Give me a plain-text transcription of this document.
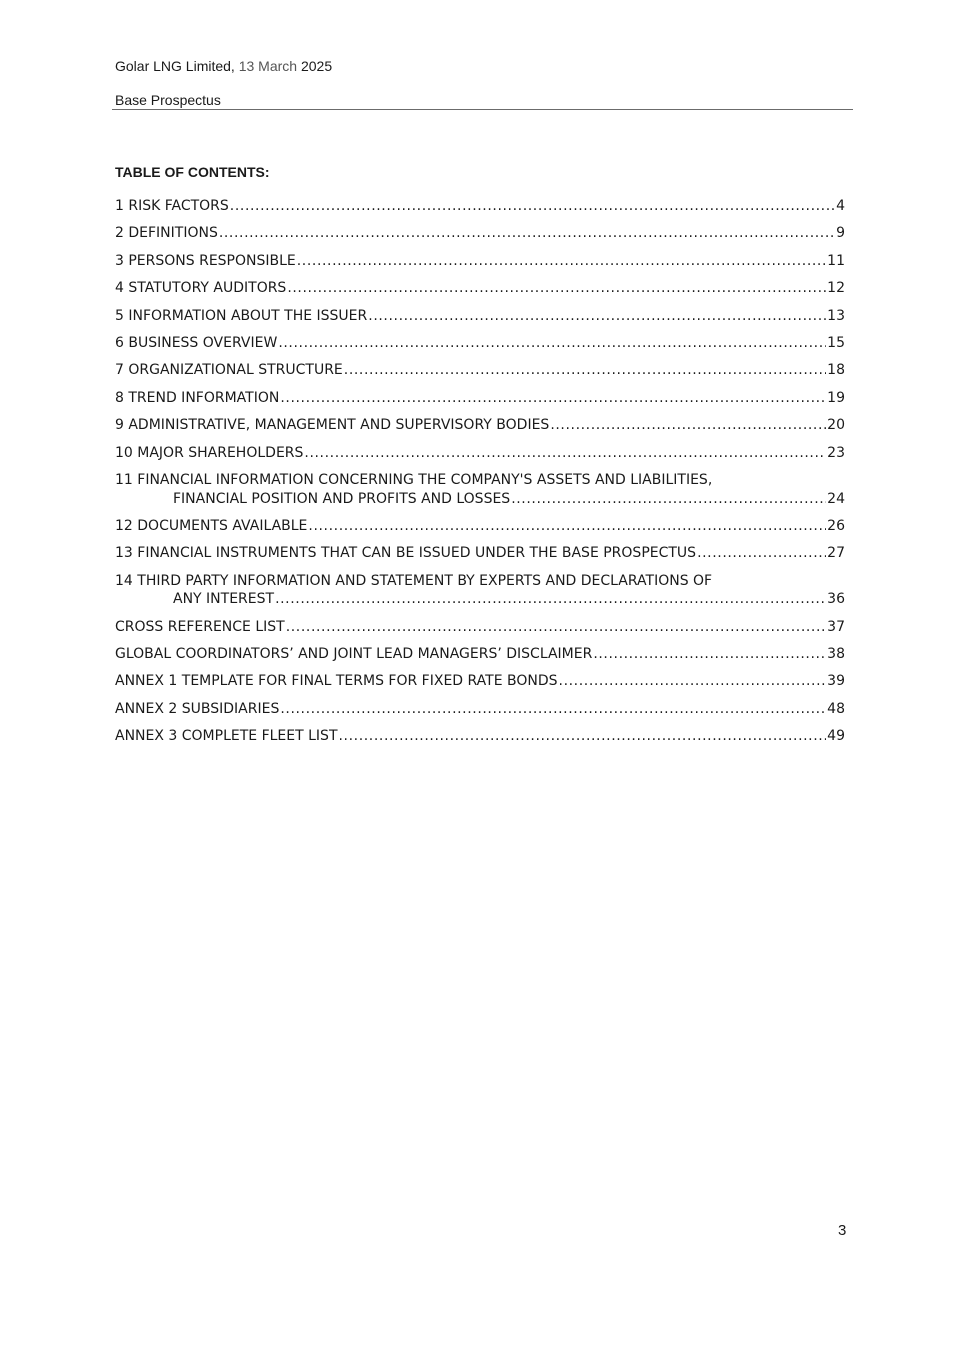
Golar LNG Limited, 13 March 2025
Base Prospectus
TABLE OF CONTENTS:
1 RISK FACTORS .....	4
2 DEFINITIONS .....	9
3 PERSONS RESPONSIBLE .....	11
4 STATUTORY AUDITORS .....	12
5 INFORMATION ABOUT THE ISSUER .....	13
6 BUSINESS OVERVIEW .....	15
7 ORGANIZATIONAL STRUCTURE .....	18
8 TREND INFORMATION .....	19
9 ADMINISTRATIVE, MANAGEMENT AND SUPERVISORY BODIES .....	20
10 MAJOR SHAREHOLDERS .....	23
11 FINANCIAL INFORMATION CONCERNING THE COMPANY'S ASSETS AND LIABILITIES,
FINANCIAL POSITION AND PROFITS AND LOSSES .....	24
12 DOCUMENTS AVAILABLE .....	26
13 FINANCIAL INSTRUMENTS THAT CAN BE ISSUED UNDER THE BASE PROSPECTUS .....	27
14 THIRD PARTY INFORMATION AND STATEMENT BY EXPERTS AND DECLARATIONS OF
ANY INTEREST .....	36
CROSS REFERENCE LIST .....	37
GLOBAL COORDINATORS’ AND JOINT LEAD MANAGERS’ DISCLAIMER .....	38
ANNEX 1 TEMPLATE FOR FINAL TERMS FOR FIXED RATE BONDS .....	39
ANNEX 2 SUBSIDIARIES .....	48
ANNEX 3 COMPLETE FLEET LIST .....	49
3
